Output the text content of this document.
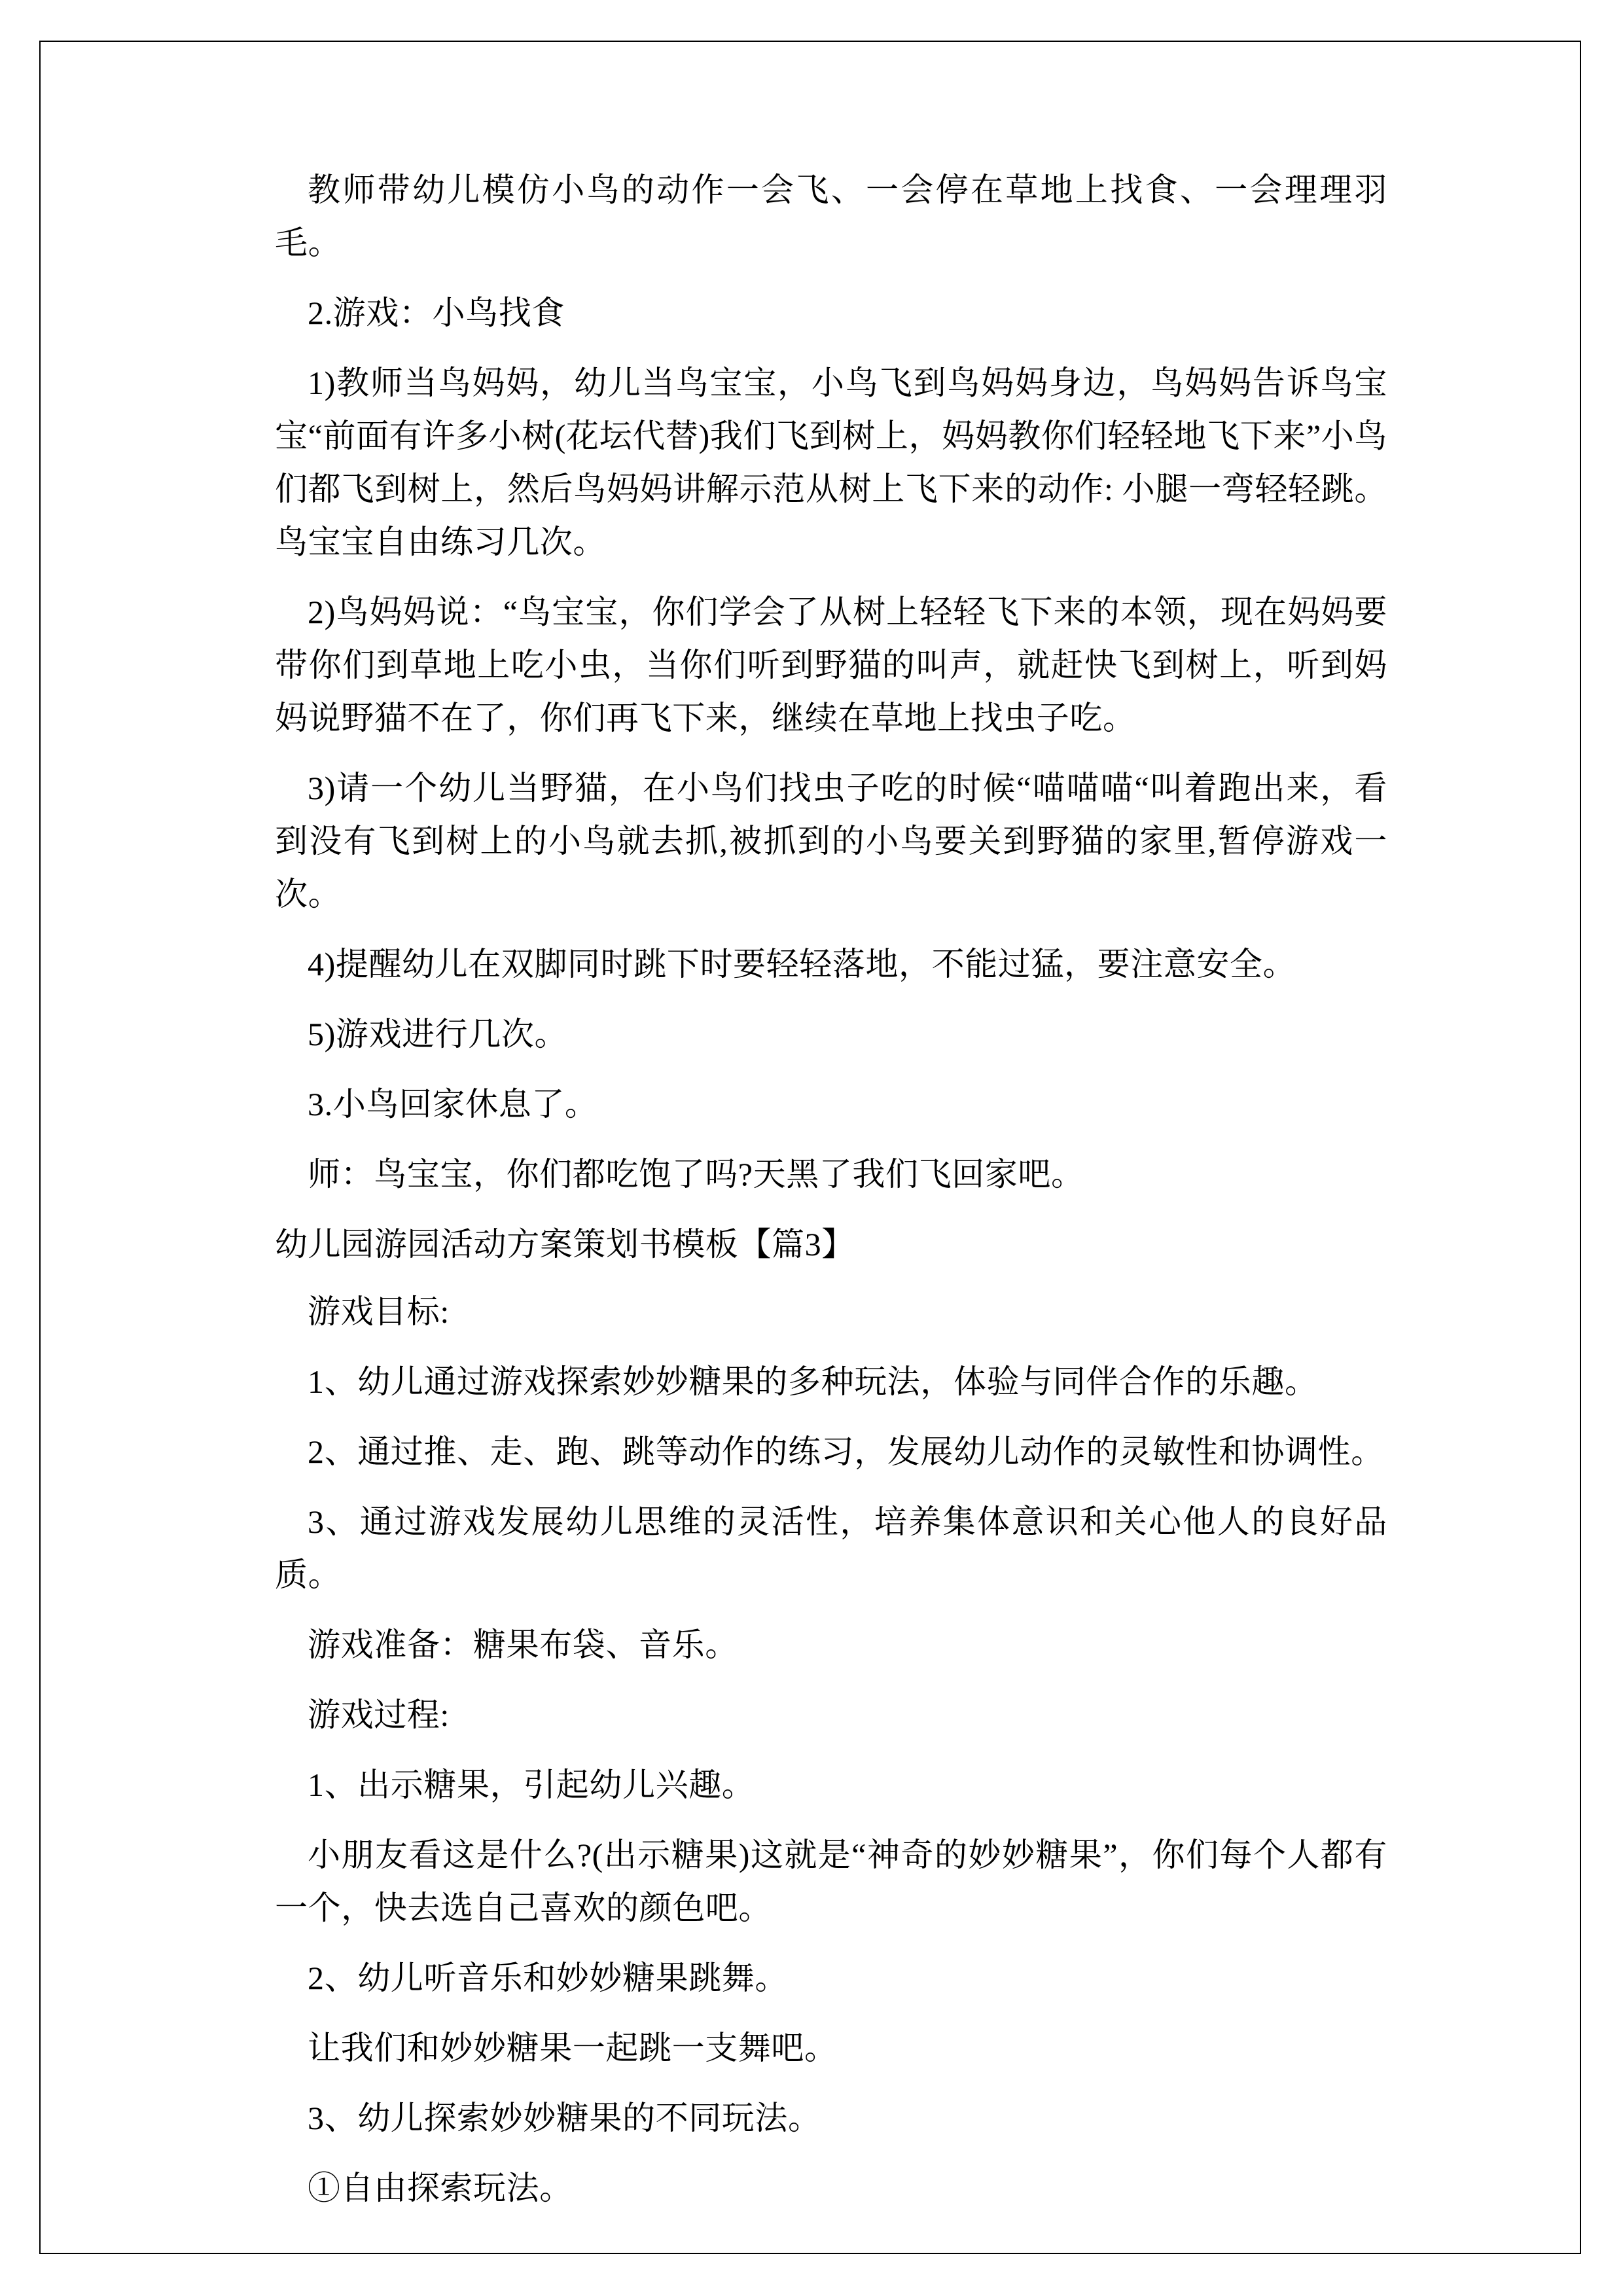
教师带幼儿模仿小鸟的动作一会飞、一会停在草地上找食、一会理理羽毛。

2.游戏：小鸟找食

1)教师当鸟妈妈，幼儿当鸟宝宝，小鸟飞到鸟妈妈身边，鸟妈妈告诉鸟宝宝“前面有许多小树(花坛代替)我们飞到树上，妈妈教你们轻轻地飞下来”小鸟们都飞到树上，然后鸟妈妈讲解示范从树上飞下来的动作: 小腿一弯轻轻跳。鸟宝宝自由练习几次。

2)鸟妈妈说：“鸟宝宝，你们学会了从树上轻轻飞下来的本领，现在妈妈要带你们到草地上吃小虫，当你们听到野猫的叫声，就赶快飞到树上，听到妈妈说野猫不在了，你们再飞下来，继续在草地上找虫子吃。

3)请一个幼儿当野猫，在小鸟们找虫子吃的时候“喵喵喵“叫着跑出来，看到没有飞到树上的小鸟就去抓,被抓到的小鸟要关到野猫的家里,暂停游戏一次。

4)提醒幼儿在双脚同时跳下时要轻轻落地，不能过猛，要注意安全。

5)游戏进行几次。

3.小鸟回家休息了。

师：鸟宝宝，你们都吃饱了吗?天黑了我们飞回家吧。

幼儿园游园活动方案策划书模板【篇3】

游戏目标:

1、幼儿通过游戏探索妙妙糖果的多种玩法，体验与同伴合作的乐趣。

2、通过推、走、跑、跳等动作的练习，发展幼儿动作的灵敏性和协调性。

3、通过游戏发展幼儿思维的灵活性，培养集体意识和关心他人的良好品质。

游戏准备：糖果布袋、音乐。

游戏过程:

1、出示糖果，引起幼儿兴趣。

小朋友看这是什么?(出示糖果)这就是“神奇的妙妙糖果”，你们每个人都有一个，快去选自己喜欢的颜色吧。

2、幼儿听音乐和妙妙糖果跳舞。

让我们和妙妙糖果一起跳一支舞吧。

3、幼儿探索妙妙糖果的不同玩法。

①自由探索玩法。
